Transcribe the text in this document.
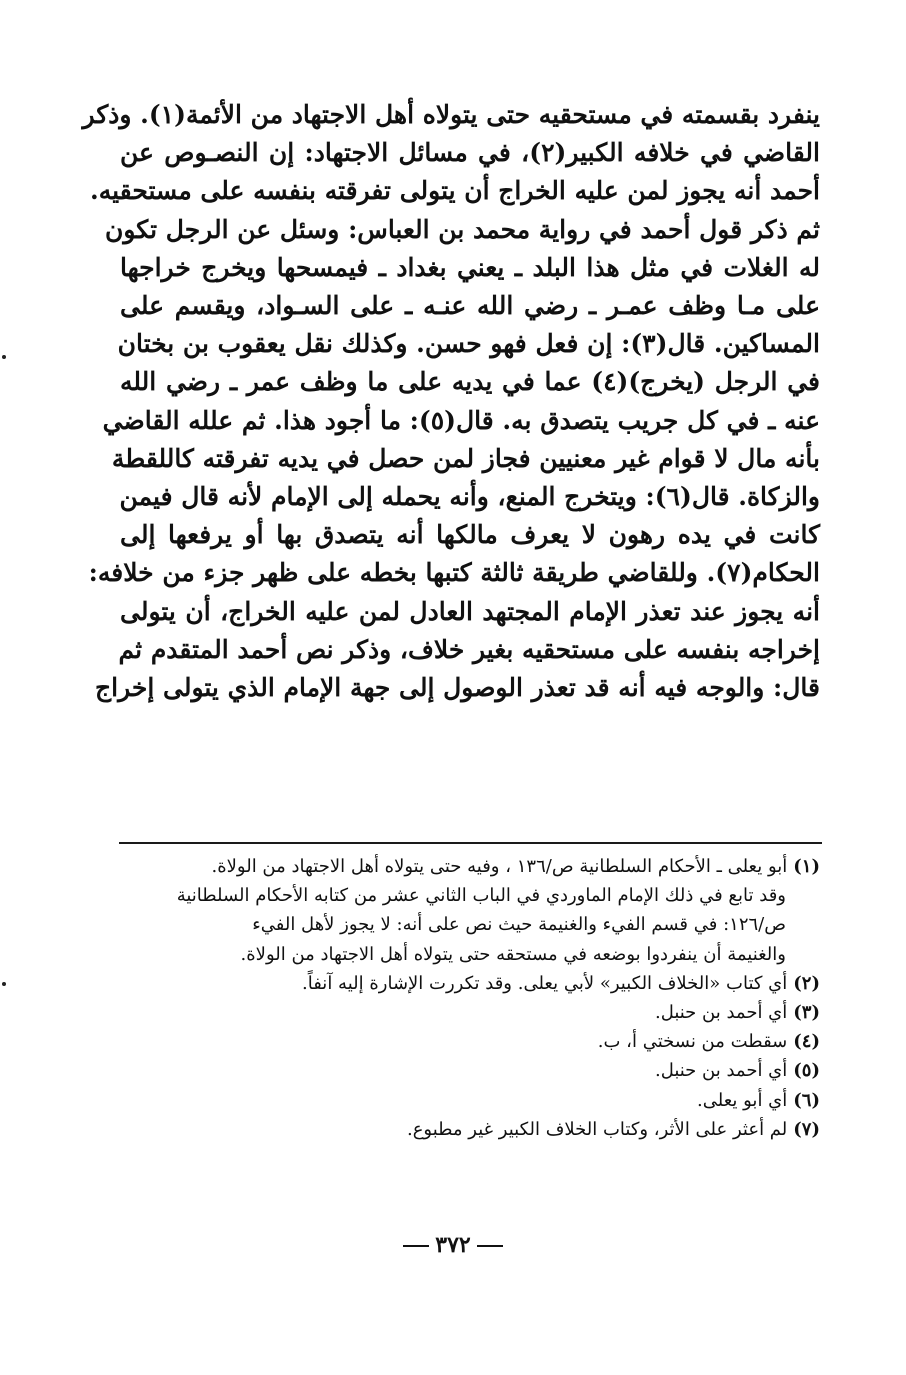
ينفرد بقسمته في مستحقيه حتى يتولاه أهل الاجتهاد من الأئمة(١). وذكر
القاضي في خلافه الكبير(٢)، في مسائل الاجتهاد: إن النصـوص عن
أحمد أنه يجوز لمن عليه الخراج أن يتولى تفرقته بنفسه على مستحقيه.
ثم ذكر قول أحمد في رواية محمد بن العباس: وسئل عن الرجل تكون
له الغلات في مثل هذا البلد ـ يعني بغداد ـ فيمسحها ويخرج خراجها
على مـا وظف عمـر ـ رضي الله عنـه ـ على السـواد، ويقسم على
المساكين. قال(٣): إن فعل فهو حسن. وكذلك نقل يعقوب بن بختان
في الرجل (يخرج)(٤) عما في يديه على ما وظف عمر ـ رضي الله
عنه ـ في كل جريب يتصدق به. قال(٥): ما أجود هذا. ثم علله القاضي
بأنه مال لا قوام غير معنيين فجاز لمن حصل في يديه تفرقته كاللقطة
والزكاة. قال(٦): ويتخرج المنع، وأنه يحمله إلى الإمام لأنه قال فيمن
كانت في يده رهون لا يعرف مالكها أنه يتصدق بها أو يرفعها إلى
الحكام(٧). وللقاضي طريقة ثالثة كتبها بخطه على ظهر جزء من خلافه:
أنه يجوز عند تعذر الإمام المجتهد العادل لمن عليه الخراج، أن يتولى
إخراجه بنفسه على مستحقيه بغير خلاف، وذكر نص أحمد المتقدم ثم
قال: والوجه فيه أنه قد تعذر الوصول إلى جهة الإمام الذي يتولى إخراج
(١)أبو يعلى ـ الأحكام السلطانية ص/١٣٦ ، وفيه حتى يتولاه أهل الاجتهاد من الولاة.
وقد تابع في ذلك الإمام الماوردي في الباب الثاني عشر من كتابه الأحكام السلطانية
ص/١٢٦: في قسم الفيء والغنيمة حيث نص على أنه: لا يجوز لأهل الفيء
والغنيمة أن ينفردوا بوضعه في مستحقه حتى يتولاه أهل الاجتهاد من الولاة.
(٢)أي كتاب «الخلاف الكبير» لأبي يعلى. وقد تكررت الإشارة إليه آنفاً.
(٣)أي أحمد بن حنبل.
(٤)سقطت من نسختي أ، ب.
(٥)أي أحمد بن حنبل.
(٦)أي أبو يعلى.
(٧)لم أعثر على الأثر، وكتاب الخلاف الكبير غير مطبوع.
٣٧٢
